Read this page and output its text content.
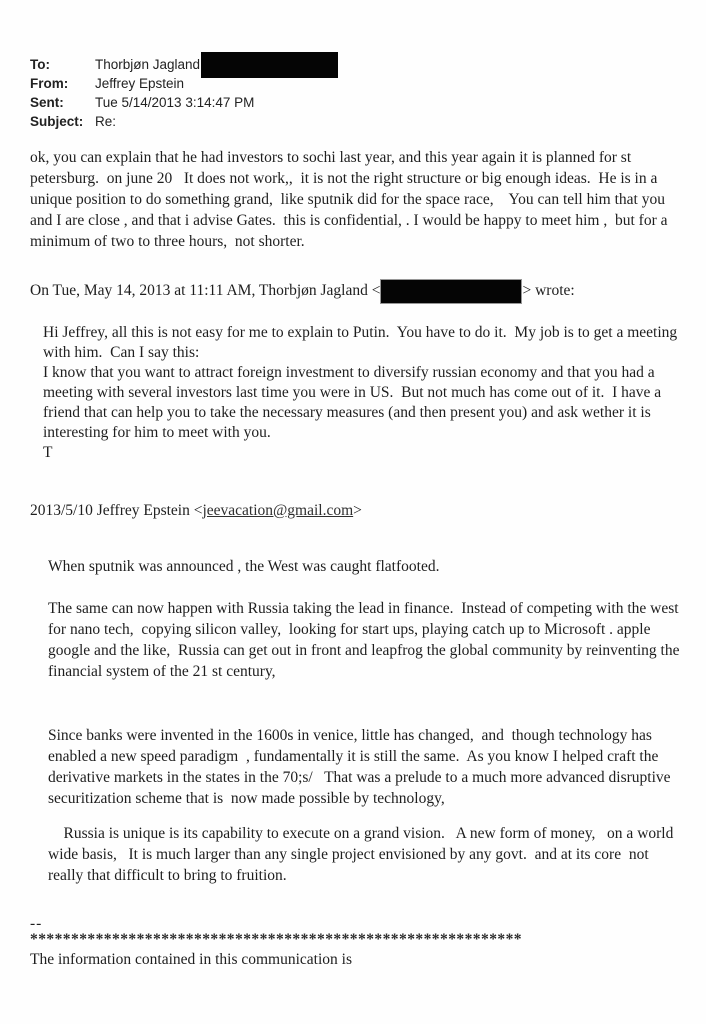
To:	Thorbjøn Jagland
From: Jeffrey Epstein
Sent: Tue 5/14/2013 3:14:47 PM
Subject: Re:

ok, you can explain that he had investors to sochi last year, and this year again it is planned for st petersburg.  on june 20   It does not work,,  it is not the right structure or big enough ideas.  He is in a unique position to do something grand,  like sputnik did for the space race,    You can tell him that you and I are close , and that i advise Gates.  this is confidential, . I would be happy to meet him ,  but for a minimum of two to three hours,  not shorter.

On Tue, May 14, 2013 at 11:11 AM, Thorbjøn Jagland <	> wrote:

Hi Jeffrey, all this is not easy for me to explain to Putin.  You have to do it.  My job is to get a meeting with him.  Can I say this:
I know that you want to attract foreign investment to diversify russian economy and that you had a meeting with several investors last time you were in US.  But not much has come out of it.  I have a friend that can help you to take the necessary measures (and then present you) and ask wether it is interesting for him to meet with you.
T

2013/5/10 Jeffrey Epstein <jeevacation@gmail.com>

When sputnik was announced , the West was caught flatfooted.

The same can now happen with Russia taking the lead in finance.  Instead of competing with the west for nano tech,  copying silicon valley,  looking for start ups, playing catch up to Microsoft . apple google and the like,  Russia can get out in front and leapfrog the global community by reinventing the financial system of the 21 st century,

Since banks were invented in the 1600s in venice, little has changed,  and  though technology has enabled a new speed paradigm  , fundamentally it is still the same.  As you know I helped craft the derivative markets in the states in the 70;s/   That was a prelude to a much more advanced disruptive securitization scheme that is  now made possible by technology,

Russia is unique is its capability to execute on a grand vision.   A new form of money,   on a world wide basis,   It is much larger than any single project envisioned by any govt.  and at its core  not really that difficult to bring to fruition.

--
************************************************************
The information contained in this communication is
